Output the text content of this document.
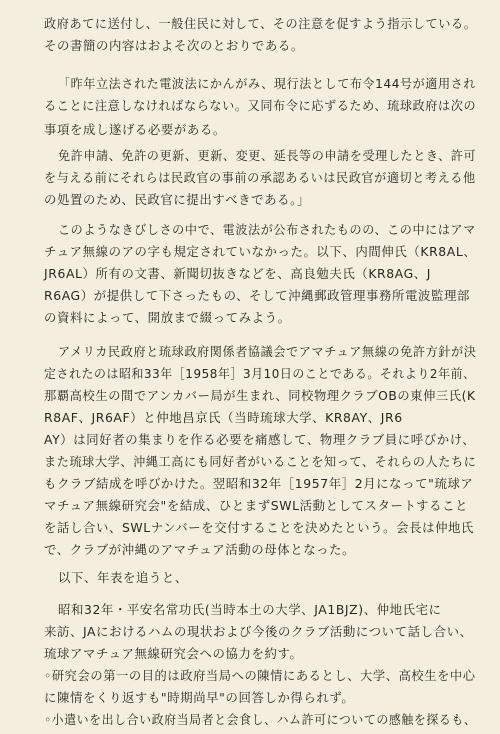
政府あてに送付し、一般住民に対して、その注意を促すよう指示している。
その書簡の内容はおよそ次のとおりである。
「昨年立法された電波法にかんがみ、現行法として布令144号が適用され
ることに注意しなければならない。又同布令に応ずるため、琉球政府は次の
事項を成し遂げる必要がある。
免許申請、免許の更新、更新、変更、延長等の申請を受理したとき、許可
を与える前にそれらは民政官の事前の承認あるいは民政官が適切と考える他
の処置のため、民政官に提出すべきである。」
このようなきびしさの中で、電波法が公布されたものの、この中にはアマ
チュア無線のアの字も規定されていなかった。以下、内間伸氏（KR8AL、
JR6AL）所有の文書、新聞切抜きなどを、高良勉夫氏（KR8AG、J
R6AG）が提供して下さったもの、そして沖縄郵政管理事務所電波監理部
の資料によって、開放まで綴ってみよう。
アメリカ民政府と琉球政府関係者協議会でアマチュア無線の免許方針が決
定されたのは昭和33年［1958年］3月10日のことである。それより2年前、
那覇高校生の間でアンカバー局が生まれ、同校物理クラブOBの東伸三氏(K
R8AF、JR6AF）と仲地昌京氏（当時琉球大学、KR8AY、JR6
AY）は同好者の集まりを作る必要を痛感して、物理クラブ員に呼びかけ、
また琉球大学、沖縄工高にも同好者がいることを知って、それらの人たちに
もクラブ結成を呼びかけた。翌昭和32年［1957年］2月になって"琉球ア
マチュア無線研究会"を結成、ひとまずSWL活動としてスタートすること
を話し合い、SWLナンバーを交付することを決めたという。会長は仲地氏
で、クラブが沖縄のアマチュア活動の母体となった。
以下、年表を追うと、
昭和32年・平安名常功氏(当時本土の大学、JA1BJZ)、仲地氏宅に
来訪、JAにおけるハムの現状および今後のクラブ活動について話し合い、
琉球アマチュア無線研究会への協力を約す。
◦研究会の第一の目的は政府当局への陳情にあるとし、大学、高校生を中心
に陳情をくり返すも"時期尚早"の回答しか得られず。
◦小遣いを出し合い政府当局者と会食し、ハム許可についての感触を探るも、
